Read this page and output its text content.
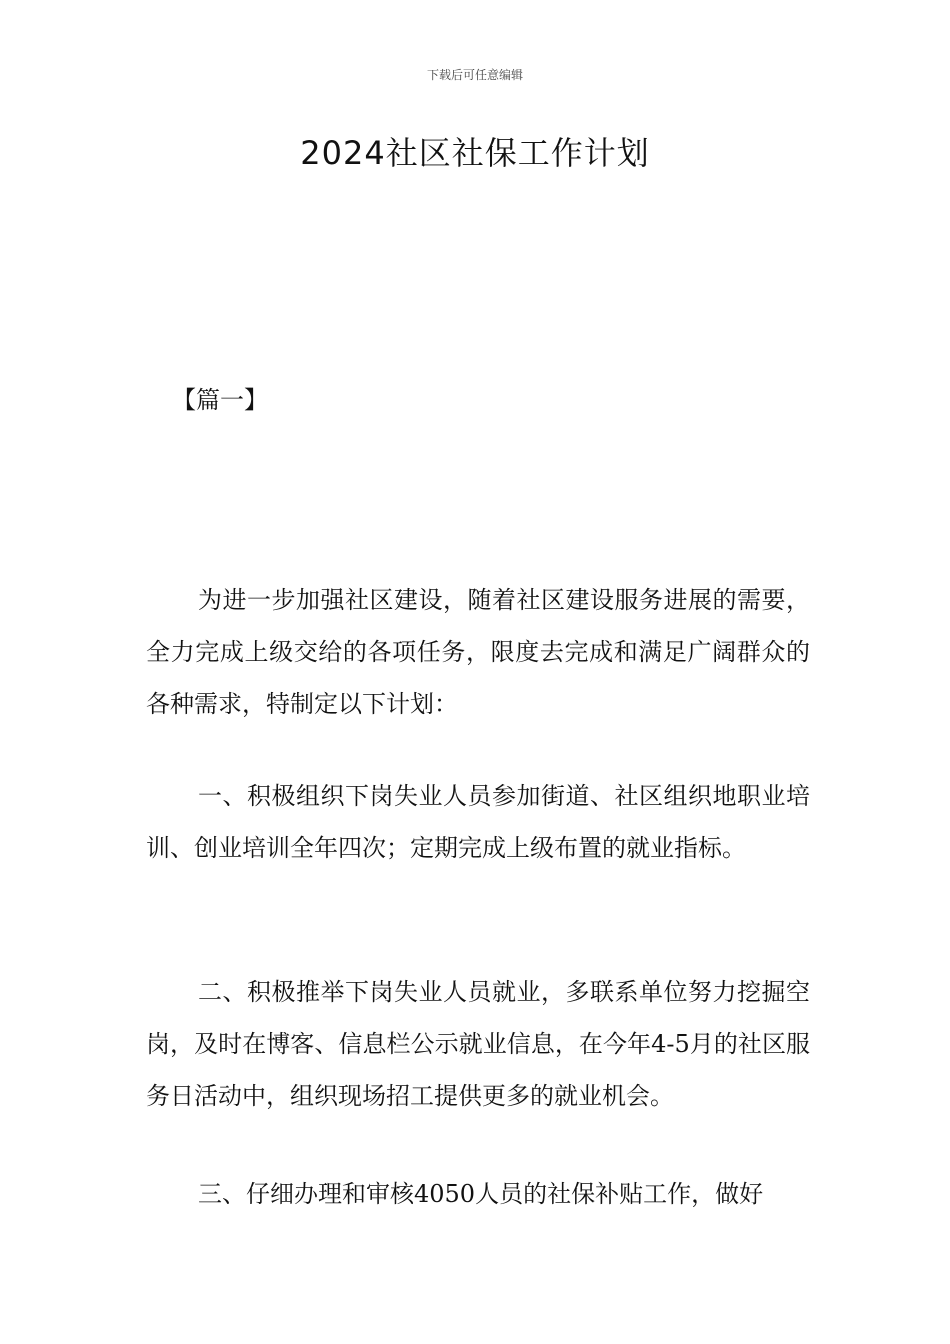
下载后可任意编辑
2024社区社保工作计划
【篇一】

为进一步加强社区建设，随着社区建设服务进展的需要，全力完成上级交给的各项任务，限度去完成和满足广阔群众的各种需求，特制定以下计划：

一、积极组织下岗失业人员参加街道、社区组织地职业培训、创业培训全年四次；定期完成上级布置的就业指标。

二、积极推举下岗失业人员就业，多联系单位努力挖掘空岗，及时在博客、信息栏公示就业信息，在今年4-5月的社区服务日活动中，组织现场招工提供更多的就业机会。

三、仔细办理和审核4050人员的社保补贴工作，做好
